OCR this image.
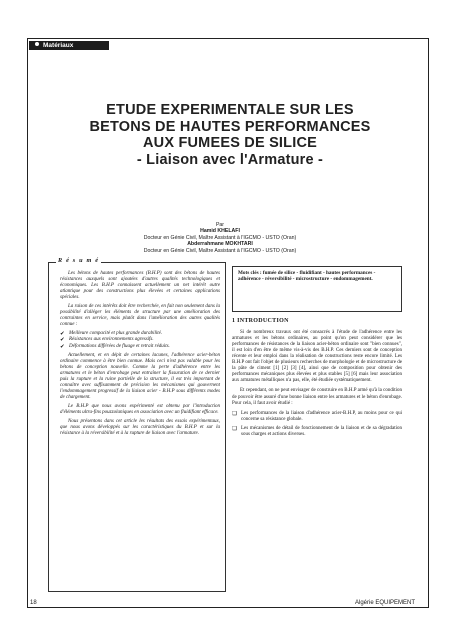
Matériaux
ETUDE EXPERIMENTALE SUR LES
BETONS DE HAUTES PERFORMANCES
AUX FUMEES DE SILICE
- Liaison avec l'Armature -
Par
Hamid KHELAFI
Docteur en Génie Civil, Maître Assistant à l'IGCMO - USTO (Oran)
Abderrahmane MOKHTARI
Docteur en Génie Civil, Maître Assistant à l'IGCMO - USTO (Oran)
R é s u m é

Les bétons de hautes performances (B.H.P) sont des bétons de hautes résistances auxquels sont ajoutées d'autres qualités technologiques et économiques. Les B.H.P connaissent actuellement un net intérêt outre atlantique pour des constructions plus élevées et certaines applications spéciales.

La raison de ces intérêts doit être recherchée, en fait non seulement dans la possibilité d'alléger les éléments de structure par une amélioration des contraintes en service, mais plutôt dans l'amélioration des autres qualités connue :

✔ Meilleure compacité et plus grande durabilité.
✔ Résistances aux environnements agressifs.
✔ Déformations différées de fluage et retrait réduits.

Actuellement, et en dépit de certaines lacunes, l'adhérence acier-béton ordinaire commence à être bien connue. Mais ceci n'est pas valable pour les bétons de conception nouvelle. Comme la perte d'adhérence entre les armatures et le béton d'enrobage peut entraîner la fissuration de ce dernier puis la rupture et la ruine partielle de la structure, il est très important de connaître avec suffisamment de précision les mécanismes qui gouvernent l'endommagement progressif de la liaison acier - B.H.P sous différents modes de chargement.

Le B.H.P que nous avons expérimenté est obtenu par l'introduction d'éléments ultra-fins pouzzolaniques en association avec un fluidifiant efficace.

Nous présentons dans cet article les résultats des essais expérimentaux, que nous avons développés sur les caractéristiques du B.H.P et sur la résistance à la réversibilité et à la rupture de liaison avec l'armature.

Mots clés : fumée de silice - fluidifiant - hautes performances - adhérence - réversibilité - microstructure - endommagement.
1 INTRODUCTION

Si de nombreux travaux ont été consacrés à l'étude de l'adhérence entre les armatures et les bétons ordinaires, au point qu'on peut considérer que les performances de résistances de la liaison acier-béton ordinaire sont "bien connues", il est loin d'en être de même vis-à-vis des B.H.P. Ces derniers sont de conception récente et leur emploi dans la réalisation de constructions reste encore limité. Les B.H.P ont fait l'objet de plusieurs recherches de morphologie et de microstructure de la pâte de ciment [1] [2] [3] [4], ainsi que de composition pour obtenir des performances mécaniques plus élevées et plus stables [5] [6] mais leur association aux armatures métalliques n'a pas, elle, été étudiée systématiquement.

Et cependant, on ne peut envisager de construire en B.H.P armé qu'à la condition de pouvoir être assuré d'une bonne liaison entre les armatures et le béton d'enrobage. Pour cela, il faut avoir étudié :

❏ Les performances de la liaison d'adhérence acier-B.H.P, au moins pour ce qui concerne sa résistance globale.
❏ Les mécanismes de détail de fonctionnement de la liaison et de sa dégradation sous charges et actions diverses.
18	Algérie EQUIPEMENT
